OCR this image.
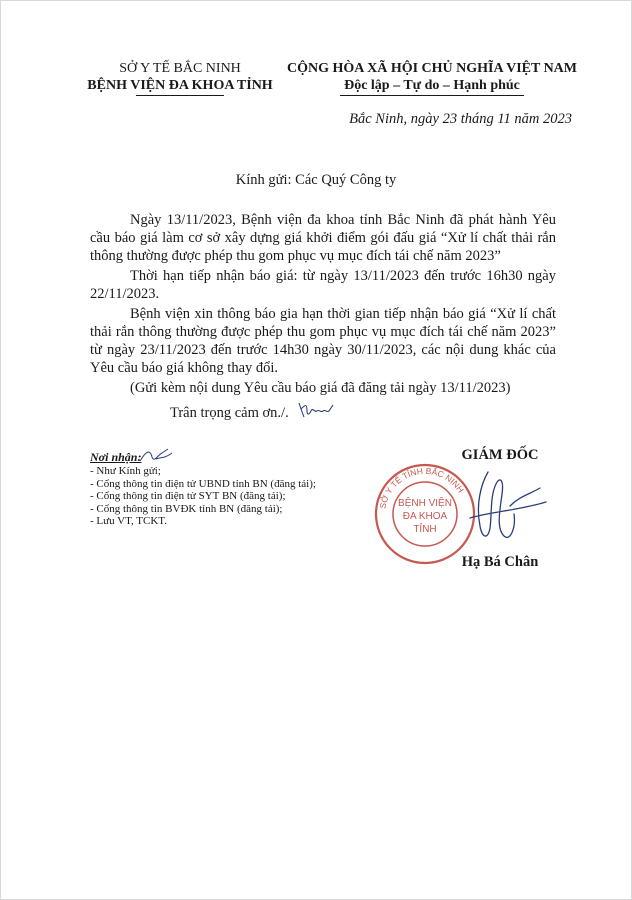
SỞ Y TẾ BẮC NINH
BỆNH VIỆN ĐA KHOA TỈNH
CỘNG HÒA XÃ HỘI CHỦ NGHĨA VIỆT NAM
Độc lập – Tự do – Hạnh phúc
Bắc Ninh, ngày 23 tháng 11 năm 2023
Kính gửi: Các Quý Công ty

Ngày 13/11/2023, Bệnh viện đa khoa tỉnh Bắc Ninh đã phát hành Yêu cầu báo giá làm cơ sở xây dựng giá khởi điểm gói đấu giá “Xử lí chất thải rắn thông thường được phép thu gom phục vụ mục đích tái chế năm 2023”

Thời hạn tiếp nhận báo giá: từ ngày 13/11/2023 đến trước 16h30 ngày 22/11/2023.

Bệnh viện xin thông báo gia hạn thời gian tiếp nhận báo giá “Xử lí chất thải rắn thông thường được phép thu gom phục vụ mục đích tái chế năm 2023” từ ngày 23/11/2023 đến trước 14h30 ngày 30/11/2023, các nội dung khác của Yêu cầu báo giá không thay đổi.

(Gửi kèm nội dung Yêu cầu báo giá đã đăng tải ngày 13/11/2023)

Trân trọng cảm ơn./.

Nơi nhận:
- Như Kính gửi;
- Cổng thông tin điện tử UBND tỉnh BN (đăng tải);
- Cổng thông tin điện tử SYT BN (đăng tải);
- Cổng thông tin BVĐK tỉnh BN (đăng tải);
- Lưu VT, TCKT.
GIÁM ĐỐC
SỞ Y TẾ TỈNH BẮC NINH
BỆNH VIỆN
ĐA KHOA
TỈNH
Hạ Bá Chân
